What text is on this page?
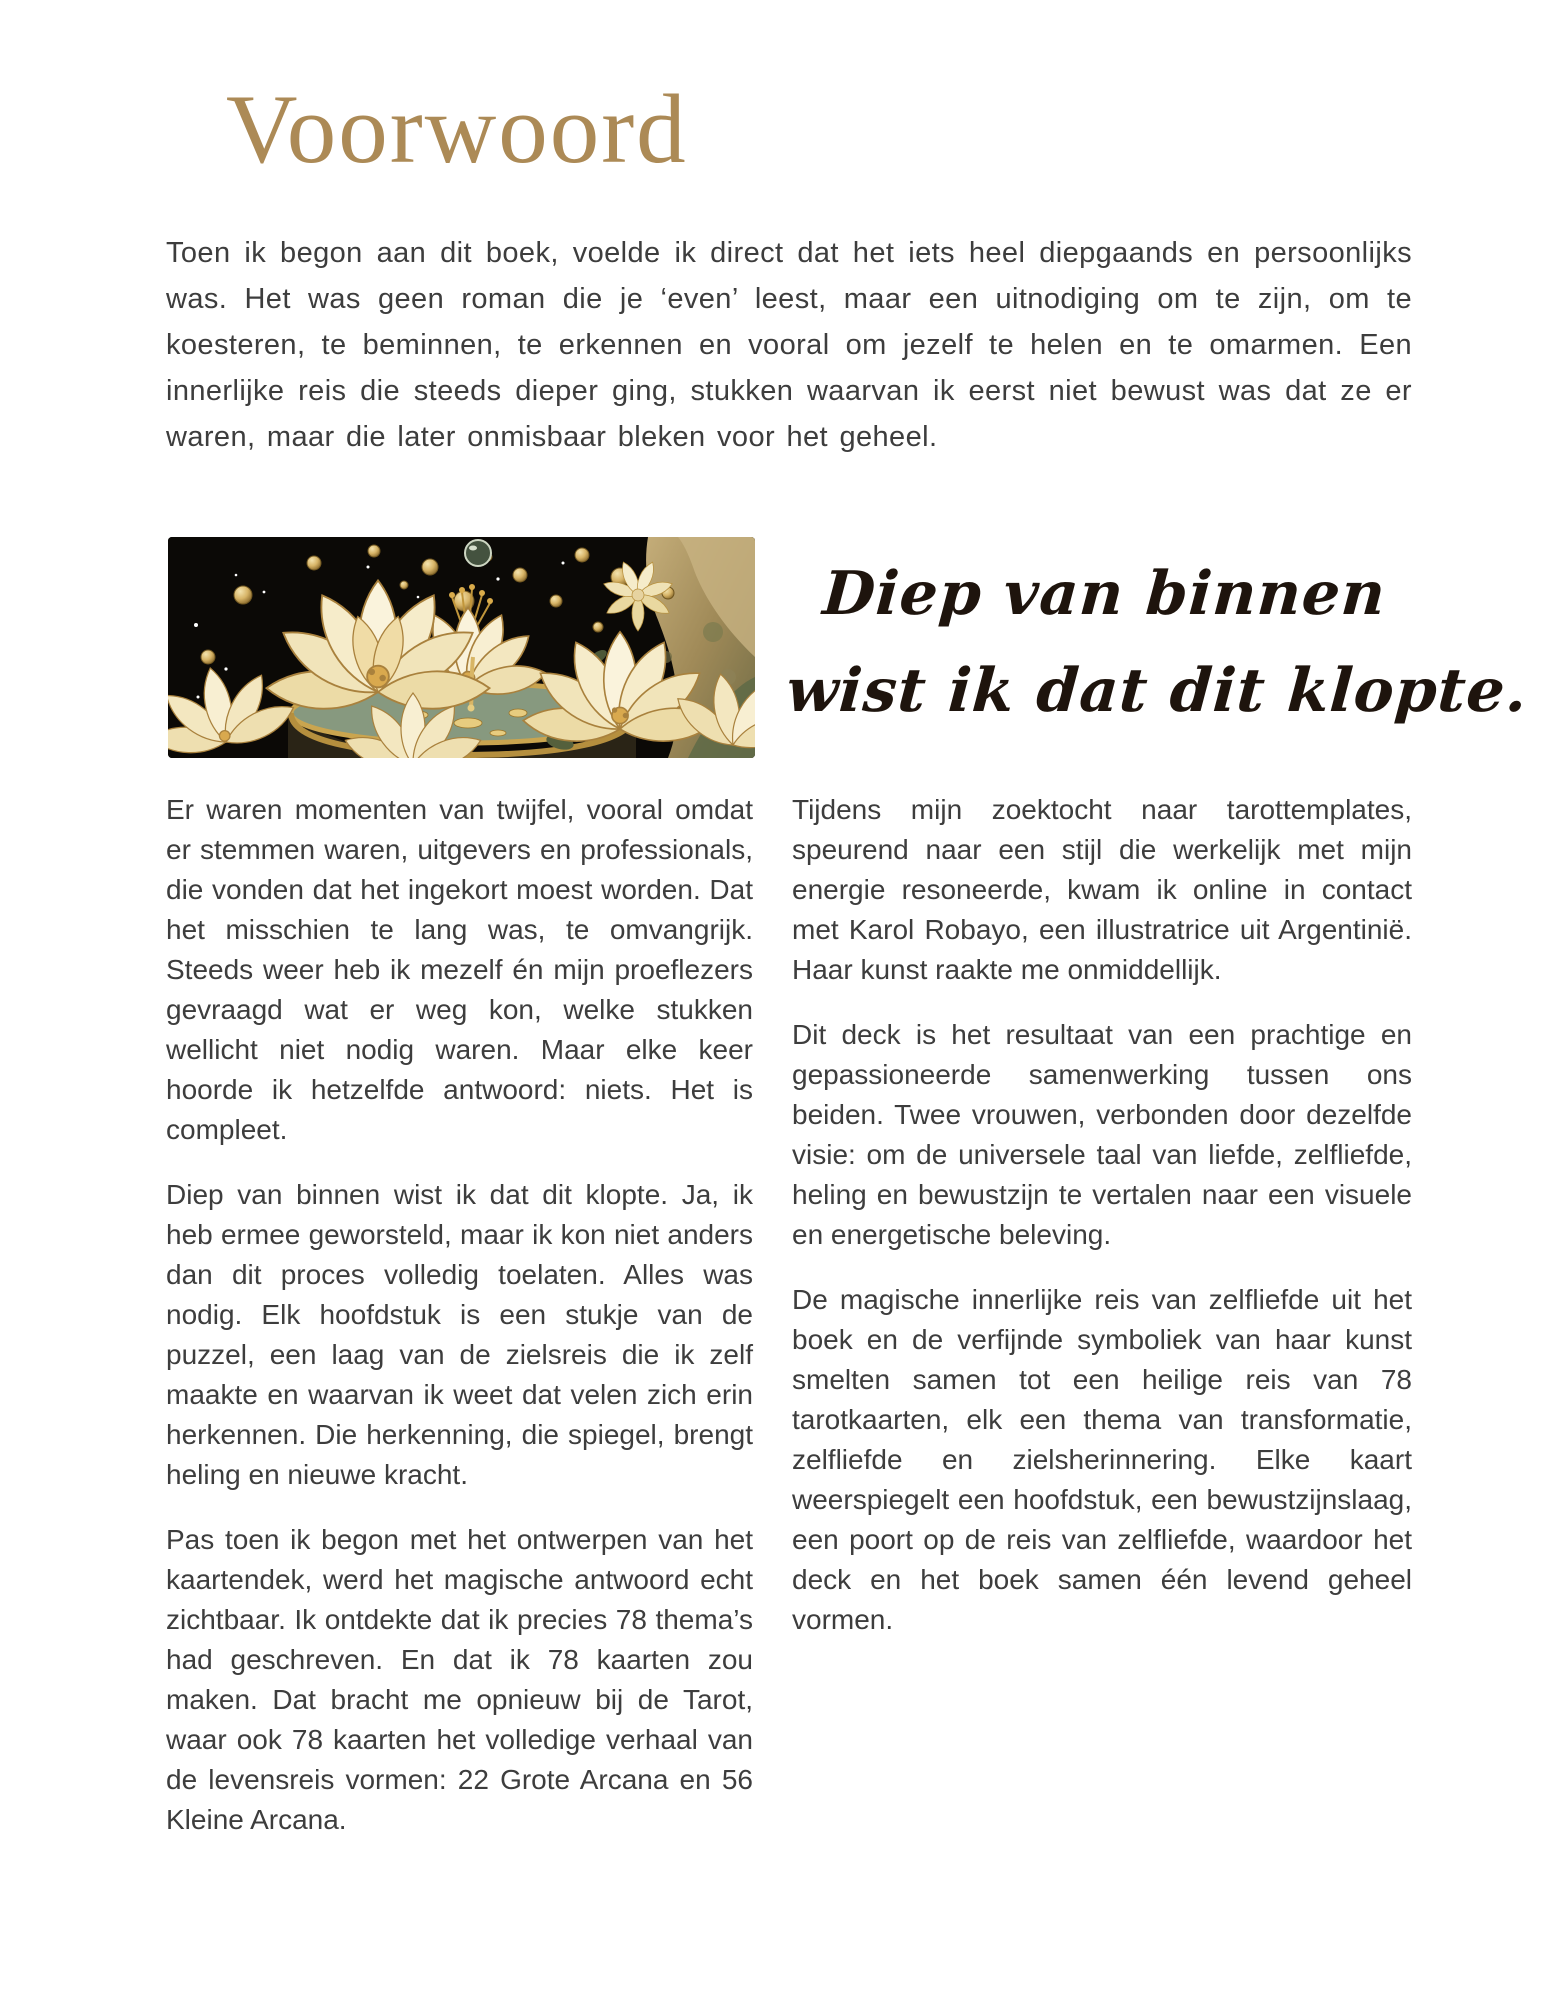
Voorwoord

Toen ik begon aan dit boek, voelde ik direct dat het iets heel diepgaands en persoonlijks was. Het was geen roman die je ‘even’ leest, maar een uitnodiging om te zijn, om te koesteren, te beminnen, te erkennen en vooral om jezelf te helen en te omarmen. Een innerlijke reis die steeds dieper ging, stukken waarvan ik eerst niet bewust was dat ze er waren, maar die later onmisbaar bleken voor het geheel.

Diep van binnen
wist ik dat dit klopte.

Er waren momenten van twijfel, vooral omdat er stemmen waren, uitgevers en professionals, die vonden dat het ingekort moest worden. Dat het misschien te lang was, te omvangrijk. Steeds weer heb ik mezelf én mijn proeflezers gevraagd wat er weg kon, welke stukken wellicht niet nodig waren. Maar elke keer hoorde ik hetzelfde antwoord: niets. Het is compleet.

Diep van binnen wist ik dat dit klopte. Ja, ik heb ermee geworsteld, maar ik kon niet anders dan dit proces volledig toelaten. Alles was nodig. Elk hoofdstuk is een stukje van de puzzel, een laag van de zielsreis die ik zelf maakte en waarvan ik weet dat velen zich erin herkennen. Die herkenning, die spiegel, brengt heling en nieuwe kracht.

Pas toen ik begon met het ontwerpen van het kaartendek, werd het magische antwoord echt zichtbaar. Ik ontdekte dat ik precies 78 thema’s had geschreven. En dat ik 78 kaarten zou maken. Dat bracht me opnieuw bij de Tarot, waar ook 78 kaarten het volledige verhaal van de levensreis vormen: 22 Grote Arcana en 56 Kleine Arcana.

Tijdens mijn zoektocht naar tarottemplates, speurend naar een stijl die werkelijk met mijn energie resoneerde, kwam ik online in contact met Karol Robayo, een illustratrice uit Argentinië. Haar kunst raakte me onmiddellijk.

Dit deck is het resultaat van een prachtige en gepassioneerde samenwerking tussen ons beiden. Twee vrouwen, verbonden door dezelfde visie: om de universele taal van liefde, zelfliefde, heling en bewustzijn te vertalen naar een visuele en energetische beleving.

De magische innerlijke reis van zelfliefde uit het boek en de verfijnde symboliek van haar kunst smelten samen tot een heilige reis van 78 tarotkaarten, elk een thema van transformatie, zelfliefde en zielsherinnering. Elke kaart weerspiegelt een hoofdstuk, een bewustzijnslaag, een poort op de reis van zelfliefde, waardoor het deck en het boek samen één levend geheel vormen.
